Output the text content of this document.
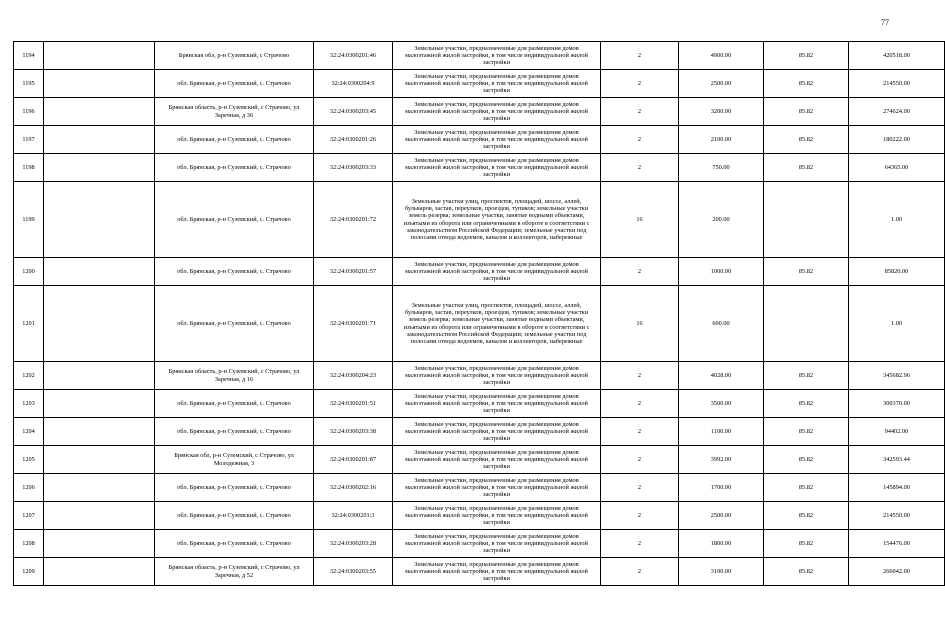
77
1194		Брянская обл, р-н Суземский, с Страчово	32:24:0300201:46	Земельные участки, предназначенные для размещения домов малоэтажной жилой застройки, в том числе индивидуальной жилой застройки	2	4900.00	85.82	420518.00
1195		обл. Брянская, р-н Суземский, с. Страчово	32:24:0300204:9	Земельные участки, предназначенные для размещения домов малоэтажной жилой застройки, в том числе индивидуальной жилой застройки	2	2500.00	85.82	214550.00
1196		Брянская область, р-н Суземский, с Страчово, ул Заречная, д 36	32:24:0300203:45	Земельные участки, предназначенные для размещения домов малоэтажной жилой застройки, в том числе индивидуальной жилой застройки	2	3200.00	85.82	274624.00
1197		обл. Брянская, р-н Суземский, с. Страчово	32:24:0300201:26	Земельные участки, предназначенные для размещения домов малоэтажной жилой застройки, в том числе индивидуальной жилой застройки	2	2100.00	85.82	180222.00
1198		обл. Брянская, р-н Суземский, с. Страчово	32:24:0300203:33	Земельные участки, предназначенные для размещения домов малоэтажной жилой застройки, в том числе индивидуальной жилой застройки	2	750.00	85.82	64365.00
1199		обл. Брянская, р-н Суземский, с. Страчово	32:24:0300201:72	Земельные участки улиц, проспектов, площадей, шоссе, аллей, бульваров, застав, переулков, проездов, тупиков; земельные участки земель резерва; земельные участки, занятые водными объектами, изъятыми из оборота или ограниченными в обороте в соответствии с законодательством Российской Федерации; земельные участки под полосами отвода водоемов, каналов и коллекторов, набережные	16	200.00		1.00
1200		обл. Брянская, р-н Суземский, с. Страчово	32:24:0300201:57	Земельные участки, предназначенные для размещения домов малоэтажной жилой застройки, в том числе индивидуальной жилой застройки	2	1000.00	85.82	85820.00
1201		обл. Брянская, р-н Суземский, с. Страчово	32:24:0300201:71	Земельные участки улиц, проспектов, площадей, шоссе, аллей, бульваров, застав, переулков, проездов, тупиков; земельные участки земель резерва; земельные участки, занятые водными объектами, изъятыми из оборота или ограниченными в обороте в соответствии с законодательством Российской Федерации; земельные участки под полосами отвода водоемов, каналов и коллекторов, набережные	16	600.00		1.00
1202		Брянская область, р-н Суземский, с Страчово, ул Заречная, д 16	32:24:0300204:23	Земельные участки, предназначенные для размещения домов малоэтажной жилой застройки, в том числе индивидуальной жилой застройки	2	4028.00	85.82	345682.96
1203		обл. Брянская, р-н Суземский, с. Страчово	32:24:0300201:51	Земельные участки, предназначенные для размещения домов малоэтажной жилой застройки, в том числе индивидуальной жилой застройки	2	3500.00	85.82	300370.00
1204		обл. Брянская, р-н Суземский, с. Страчово	32:24:0300203:38	Земельные участки, предназначенные для размещения домов малоэтажной жилой застройки, в том числе индивидуальной жилой застройки	2	1100.00	85.82	94402.00
1205		Брянская обл, р-н Суземский, с Страчово, ул Молодежная, 3	32:24:0300201:87	Земельные участки, предназначенные для размещения домов малоэтажной жилой застройки, в том числе индивидуальной жилой застройки	2	3992.00	85.82	342593.44
1206		обл. Брянская, р-н Суземский, с. Страчово	32:24:0300202:16	Земельные участки, предназначенные для размещения домов малоэтажной жилой застройки, в том числе индивидуальной жилой застройки	2	1700.00	85.82	145894.00
1207		обл. Брянская, р-н Суземский, с. Страчово	32:24:0300201:3	Земельные участки, предназначенные для размещения домов малоэтажной жилой застройки, в том числе индивидуальной жилой застройки	2	2500.00	85.82	214550.00
1208		обл. Брянская, р-н Суземский, с. Страчово	32:24:0300203:28	Земельные участки, предназначенные для размещения домов малоэтажной жилой застройки, в том числе индивидуальной жилой застройки	2	1800.00	85.82	154476.00
1209		Брянская область, р-н Суземский, с Страчово, ул Заречная, д 52	32:24:0300203:55	Земельные участки, предназначенные для размещения домов малоэтажной жилой застройки, в том числе индивидуальной жилой застройки	2	3100.00	85.82	266042.00
